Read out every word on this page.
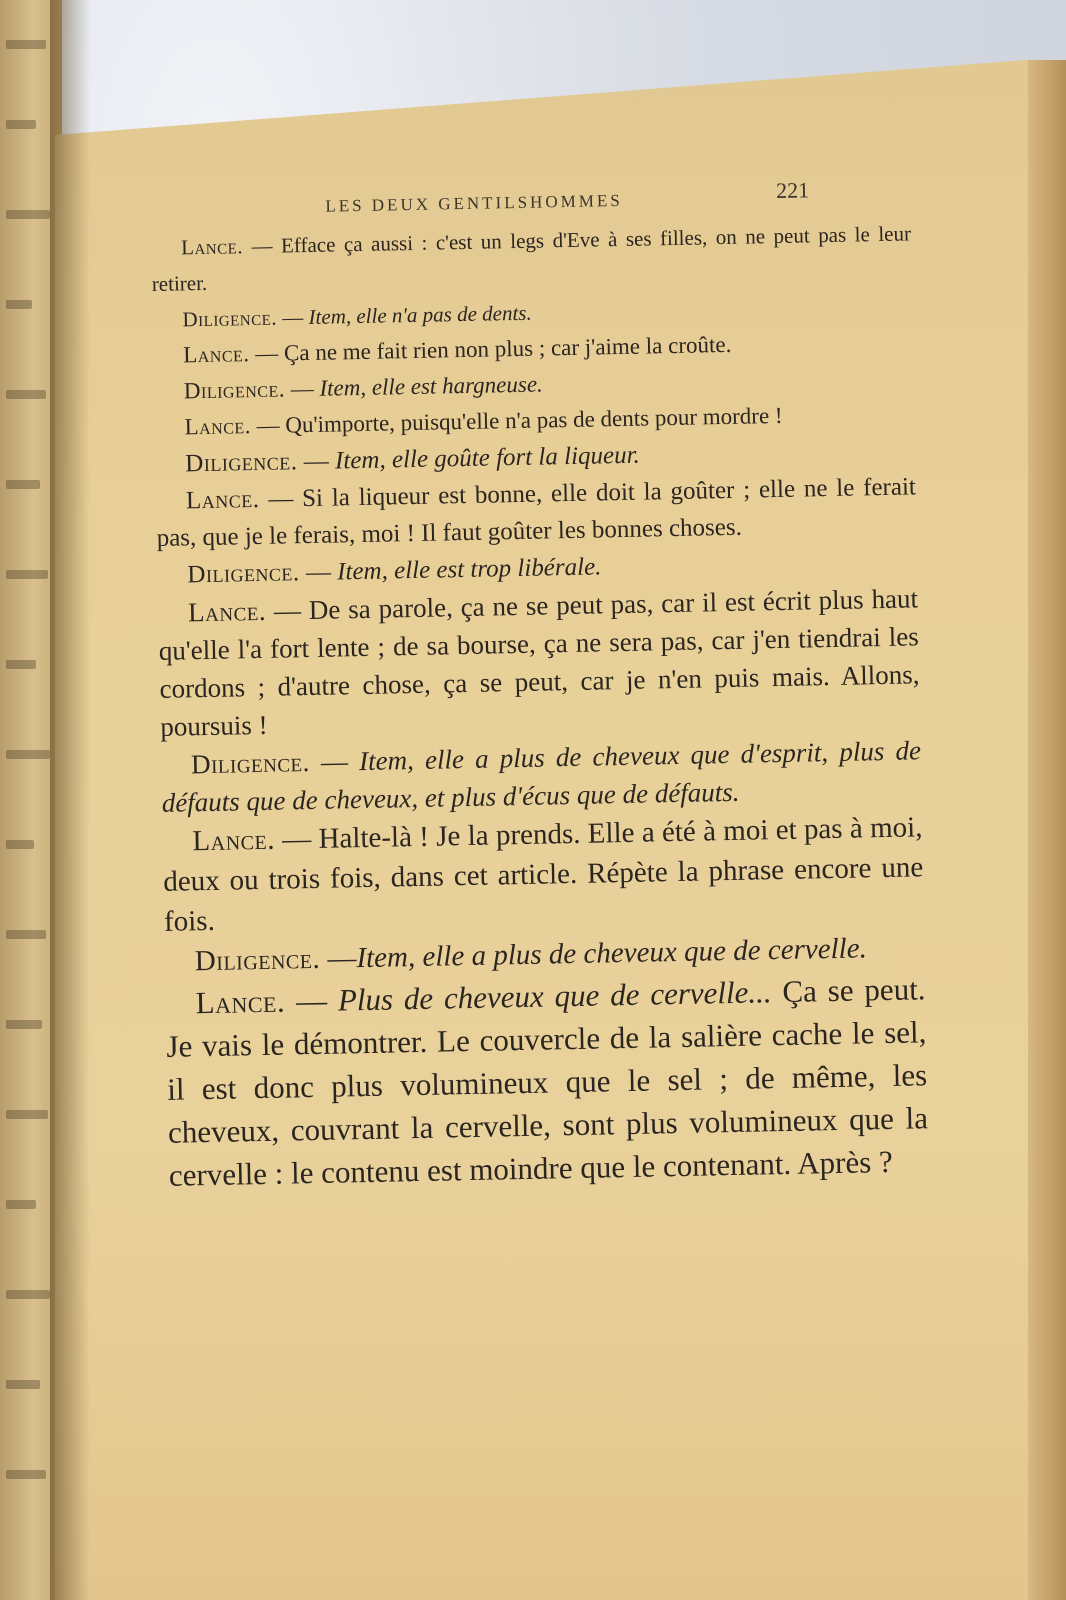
LES DEUX GENTILSHOMMES
221

Lance. — Efface ça aussi : c'est un legs d'Eve à ses filles, on ne peut pas le leur retirer.

Diligence. — Item, elle n'a pas de dents.

Lance. — Ça ne me fait rien non plus ; car j'aime la croûte.

Diligence. — Item, elle est hargneuse.

Lance. — Qu'importe, puisqu'elle n'a pas de dents pour mordre !

Diligence. — Item, elle goûte fort la liqueur.

Lance. — Si la liqueur est bonne, elle doit la goûter ; elle ne le ferait pas, que je le ferais, moi ! Il faut goûter les bonnes choses.

Diligence. — Item, elle est trop libérale.

Lance. — De sa parole, ça ne se peut pas, car il est écrit plus haut qu'elle l'a fort lente ; de sa bourse, ça ne sera pas, car j'en tiendrai les cordons ; d'autre chose, ça se peut, car je n'en puis mais. Allons, poursuis !

Diligence. — Item, elle a plus de cheveux que d'esprit, plus de défauts que de cheveux, et plus d'écus que de défauts.

Lance. — Halte-là ! Je la prends. Elle a été à moi et pas à moi, deux ou trois fois, dans cet article. Répète la phrase encore une fois.

Diligence. —Item, elle a plus de cheveux que de cervelle.

Lance. — Plus de cheveux que de cervelle... Ça se peut. Je vais le démontrer. Le couvercle de la salière cache le sel, il est donc plus volumineux que le sel ; de même, les cheveux, couvrant la cervelle, sont plus volumineux que la cervelle : le contenu est moindre que le contenant. Après ?
